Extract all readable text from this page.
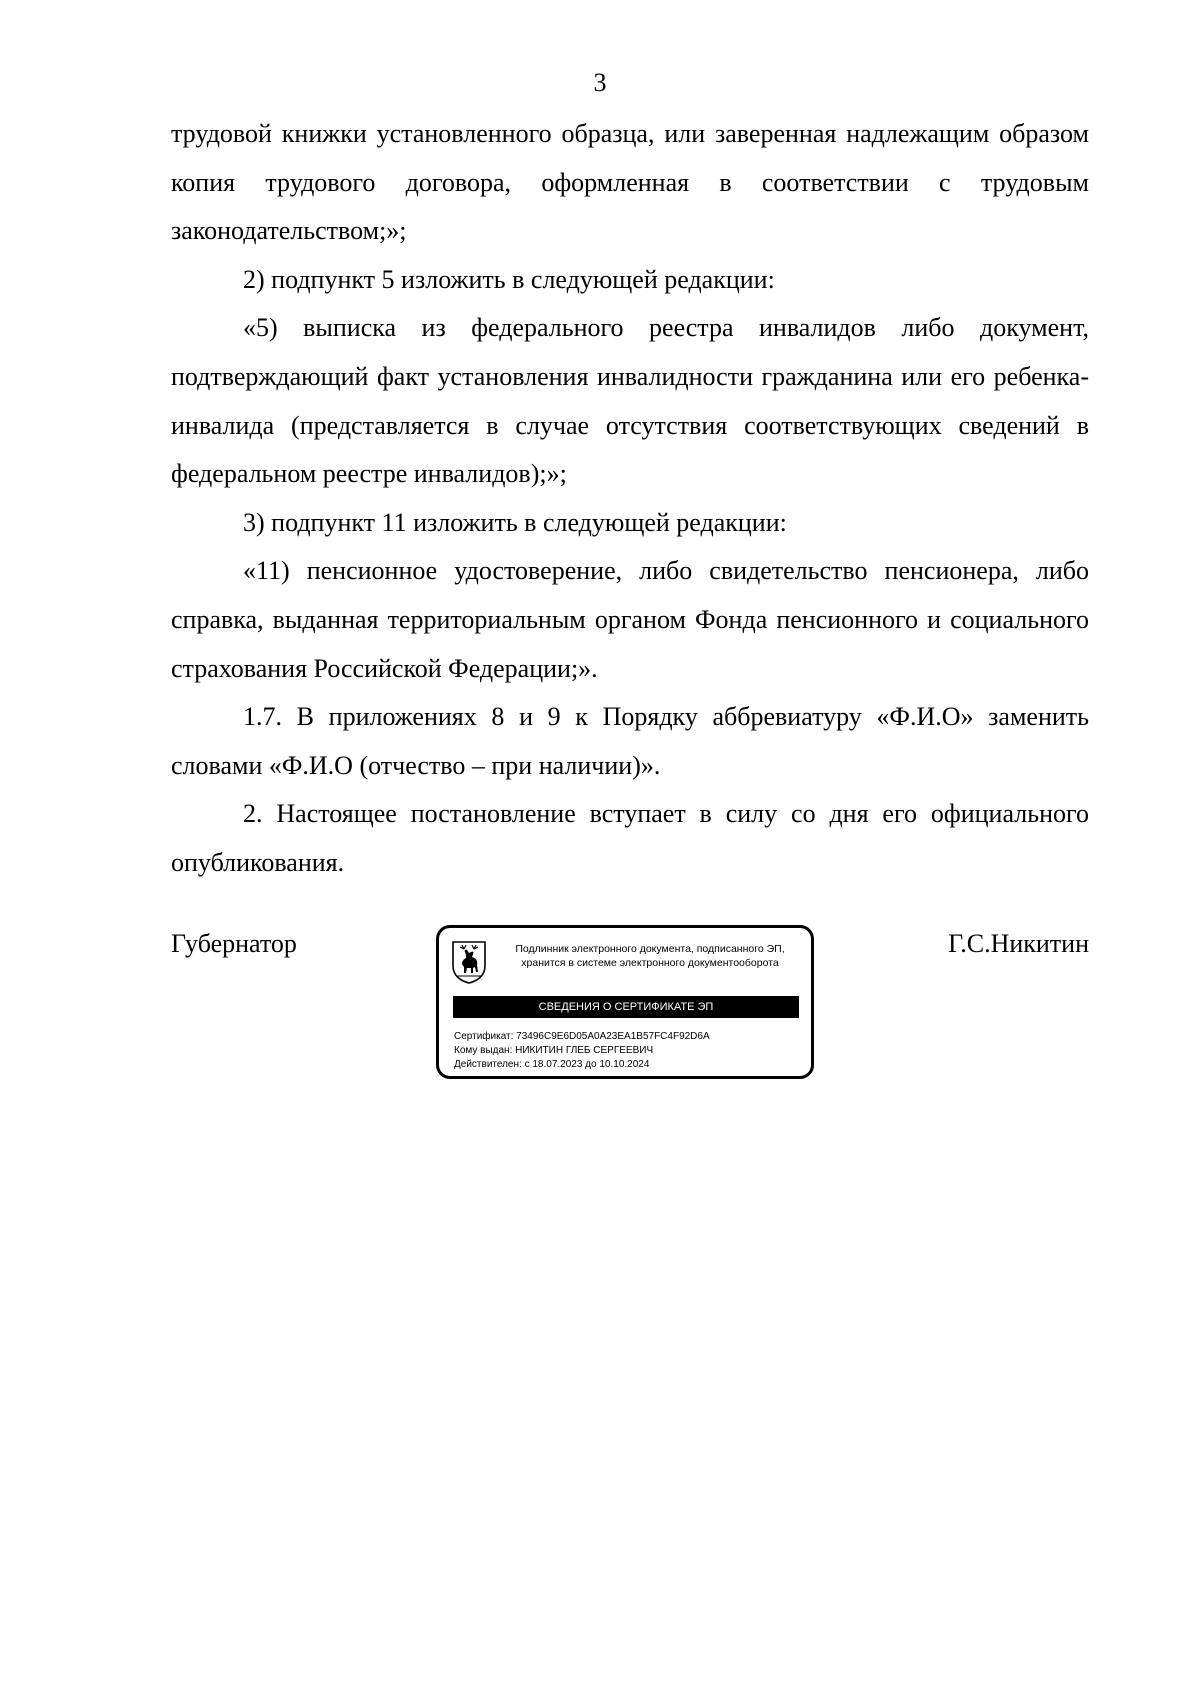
3

трудовой книжки установленного образца, или заверенная надлежащим образом копия трудового договора, оформленная в соответствии с трудовым законодательством;»;

2) подпункт 5 изложить в следующей редакции:

«5) выписка из федерального реестра инвалидов либо документ, подтверждающий факт установления инвалидности гражданина или его ребенка-инвалида (представляется в случае отсутствия соответствующих сведений в федеральном реестре инвалидов);»;

3) подпункт 11 изложить в следующей редакции:

«11) пенсионное удостоверение, либо свидетельство пенсионера, либо справка, выданная территориальным органом Фонда пенсионного и социального страхования Российской Федерации;».

1.7. В приложениях 8 и 9 к Порядку аббревиатуру «Ф.И.О» заменить словами «Ф.И.О (отчество – при наличии)».

2. Настоящее постановление вступает в силу со дня его официального опубликования.

Губернатор	Г.С.Никитин
Подлинник электронного документа, подписанного ЭП,
хранится в системе электронного документооборота
СВЕДЕНИЯ О СЕРТИФИКАТЕ ЭП
Сертификат: 73496C9E6D05A0A23EA1B57FC4F92D6A
Кому выдан: НИКИТИН ГЛЕБ СЕРГЕЕВИЧ
Действителен: с 18.07.2023 до 10.10.2024
